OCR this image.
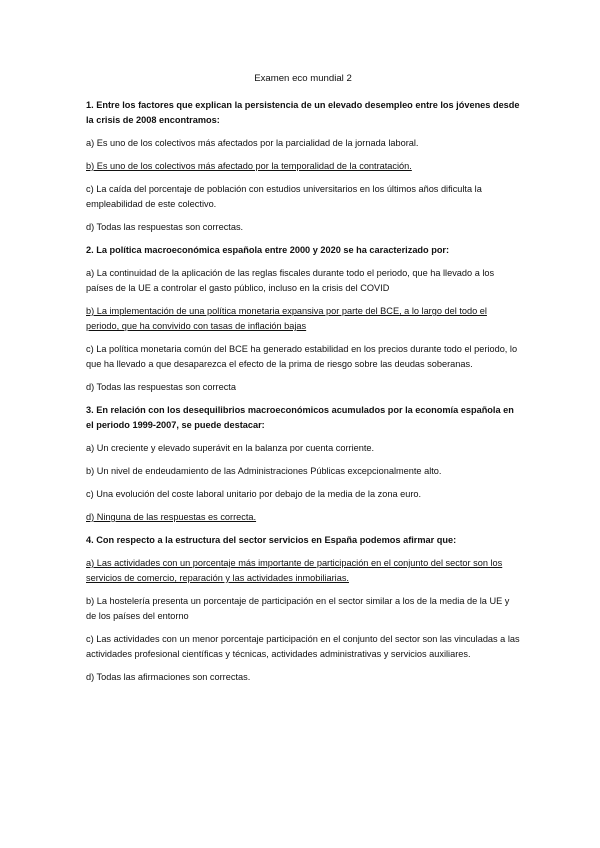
Examen eco mundial 2
1. Entre los factores que explican la persistencia de un elevado desempleo entre los jóvenes desde la crisis de 2008 encontramos:
a) Es uno de los colectivos más afectados por la parcialidad de la jornada laboral.
b) Es uno de los colectivos más afectado por la temporalidad de la contratación.
c) La caída del porcentaje de población con estudios universitarios en los últimos años dificulta la empleabilidad de este colectivo.
d) Todas las respuestas son correctas.
2. La política macroeconómica española entre 2000 y 2020 se ha caracterizado por:
a) La continuidad de la aplicación de las reglas fiscales durante todo el periodo, que ha llevado a los países de la UE a controlar el gasto público, incluso en la crisis del COVID
b) La implementación de una política monetaria expansiva por parte del BCE, a lo largo del todo el periodo, que ha convivido con tasas de inflación bajas
c) La política monetaria común del BCE ha generado estabilidad en los precios durante todo el periodo, lo que ha llevado a que desaparezca el efecto de la prima de riesgo sobre las deudas soberanas.
d) Todas las respuestas son correcta
3. En relación con los desequilibrios macroeconómicos acumulados por la economía española en el periodo 1999-2007, se puede destacar:
a) Un creciente y elevado superávit en la balanza por cuenta corriente.
b) Un nivel de endeudamiento de las Administraciones Públicas excepcionalmente alto.
c) Una evolución del coste laboral unitario por debajo de la media de la zona euro.
d) Ninguna de las respuestas es correcta.
4. Con respecto a la estructura del sector servicios en España podemos afirmar que:
a) Las actividades con un porcentaje más importante de participación en el conjunto del sector son los servicios de comercio, reparación y las actividades inmobiliarias.
b) La hostelería presenta un porcentaje de participación en el sector similar a los de la media de la UE y de los países del entorno
c) Las actividades con un menor porcentaje participación en el conjunto del sector son las vinculadas a las actividades profesional científicas y técnicas, actividades administrativas y servicios auxiliares.
d) Todas las afirmaciones son correctas.
